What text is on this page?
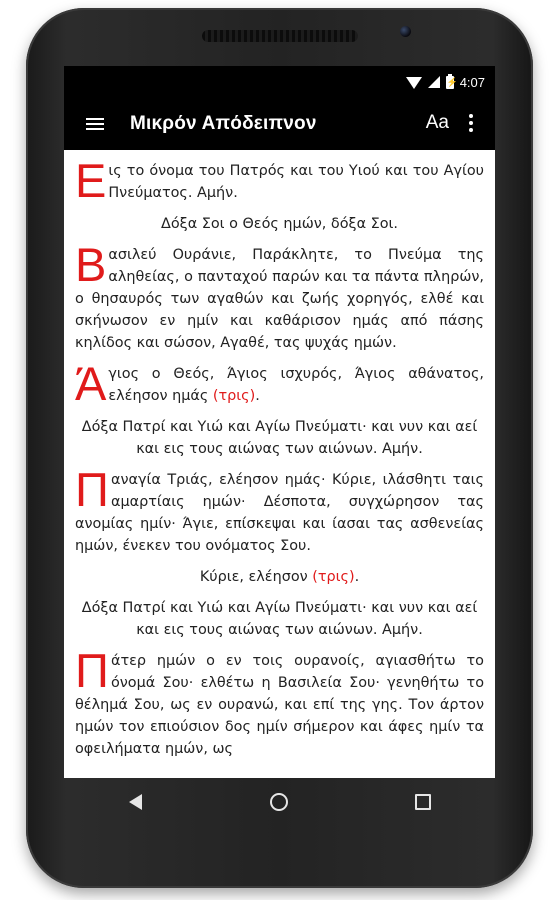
⚡ 4:07
Μικρόν Απόδειπνον	Aa

Εις το όνομα του Πατρός και του Υιού και του Αγίου Πνεύματος. Αμήν.

Δόξα Σοι ο Θεός ημών, δόξα Σοι.

Βασιλεύ Ουράνιε, Παράκλητε, το Πνεύμα της αληθείας, ο πανταχού παρών και τα πάντα πληρών, ο θησαυρός των αγαθών και ζωής χορηγός, ελθέ και σκήνωσον εν ημίν και καθάρισον ημάς από πάσης κηλίδος και σώσον, Αγαθέ, τας ψυχάς ημών.

Άγιος ο Θεός, Άγιος ισχυρός, Άγιος αθάνατος, ελέησον ημάς (τρις).

Δόξα Πατρί και Υιώ και Αγίω Πνεύματι· και νυν και αεί και εις τους αιώνας των αιώνων. Αμήν.

Παναγία Τριάς, ελέησον ημάς· Κύριε, ιλάσθητι ταις αμαρτίαις ημών· Δέσποτα, συγχώρησον τας ανομίας ημίν· Άγιε, επίσκεψαι και ίασαι τας ασθενείας ημών, ένεκεν του ονόματος Σου.

Κύριε, ελέησον (τρις).

Δόξα Πατρί και Υιώ και Αγίω Πνεύματι· και νυν και αεί και εις τους αιώνας των αιώνων. Αμήν.

Πάτερ ημών ο εν τοις ουρανοίς, αγιασθήτω το όνομά Σου· ελθέτω η Βασιλεία Σου· γενηθήτω το θέλημά Σου, ως εν ουρανώ, και επί της γης. Τον άρτον ημών τον επιούσιον δος ημίν σήμερον και άφες ημίν τα οφειλήματα ημών, ως
